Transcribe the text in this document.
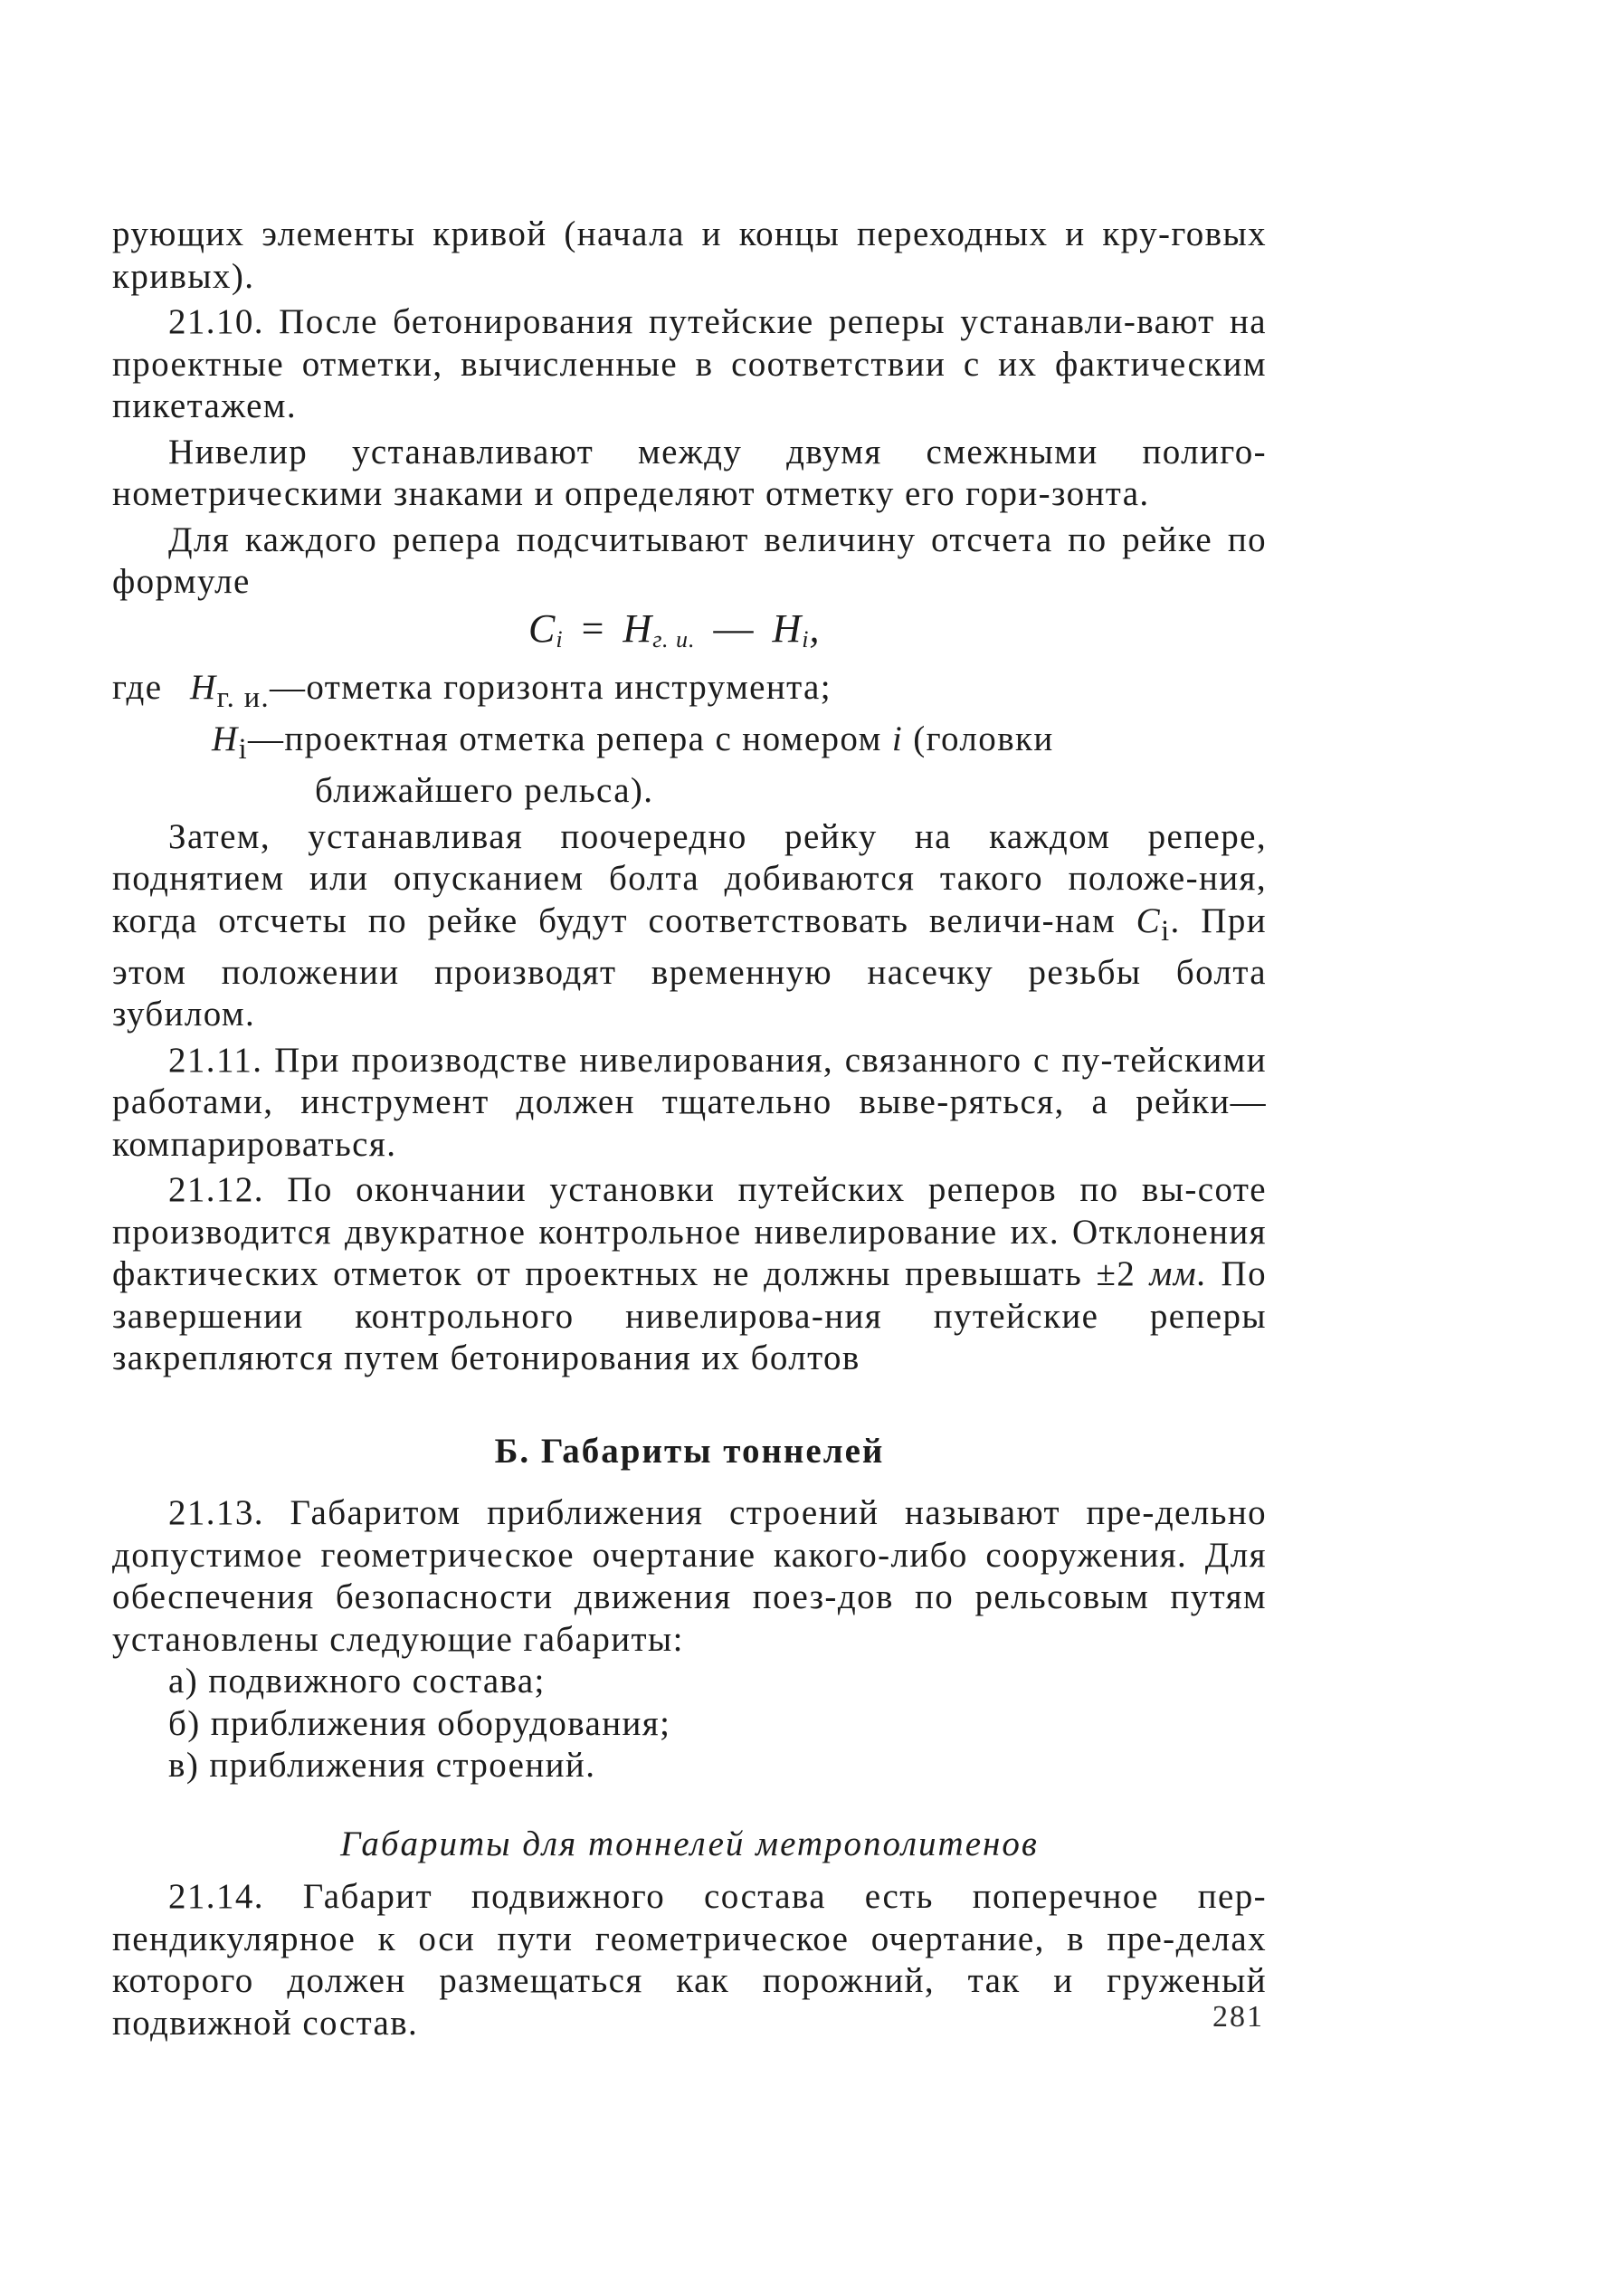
рующих элементы кривой (начала и концы переходных и кру-говых кривых).

21.10. После бетонирования путейские реперы устанавли-вают на проектные отметки, вычисленные в соответствии с их фактическим пикетажем.

Нивелир устанавливают между двумя смежными полиго-нометрическими знаками и определяют отметку его гори-зонта.

Для каждого репера подсчитывают величину отсчета по рейке по формуле

$C_i = H_{г. и.}$ — $H_i$,

где $H_{г. и.}—отметка$ горизонта инструмента;

$H_i—проектная$ отметка репера с номером i (головки

ближайшего рельса).

Затем, устанавливая поочередно рейку на каждом репере, поднятием или опусканием болта добиваются такого положе-ния, когда отсчеты по рейке будут соответствовать величи-нам $C_i$. При этом положении производят временную насечку резьбы болта зубилом.

21.11. При производстве нивелирования, связанного с пу-тейскими работами, инструмент должен тщательно выве-ряться, а рейки—компарироваться.

21.12. По окончании установки путейских реперов по вы-соте производится двукратное контрольное нивелирование их. Отклонения фактических отметок от проектных не должны превышать ±2 мм. По завершении контрольного нивелирова-ния путейские реперы закрепляются путем бетонирования их болтов

Б. Габариты тоннелей

21.13. Габаритом приближения строений называют пре-дельно допустимое геометрическое очертание какого-либо сооружения. Для обеспечения безопасности движения поез-дов по рельсовым путям установлены следующие габариты:

а) подвижного состава;

б) приближения оборудования;

в) приближения строений.

Габариты для тоннелей метрополитенов

21.14. Габарит подвижного состава есть поперечное пер-пендикулярное к оси пути геометрическое очертание, в пре-делах которого должен размещаться как порожний, так и груженый подвижной состав.	281
